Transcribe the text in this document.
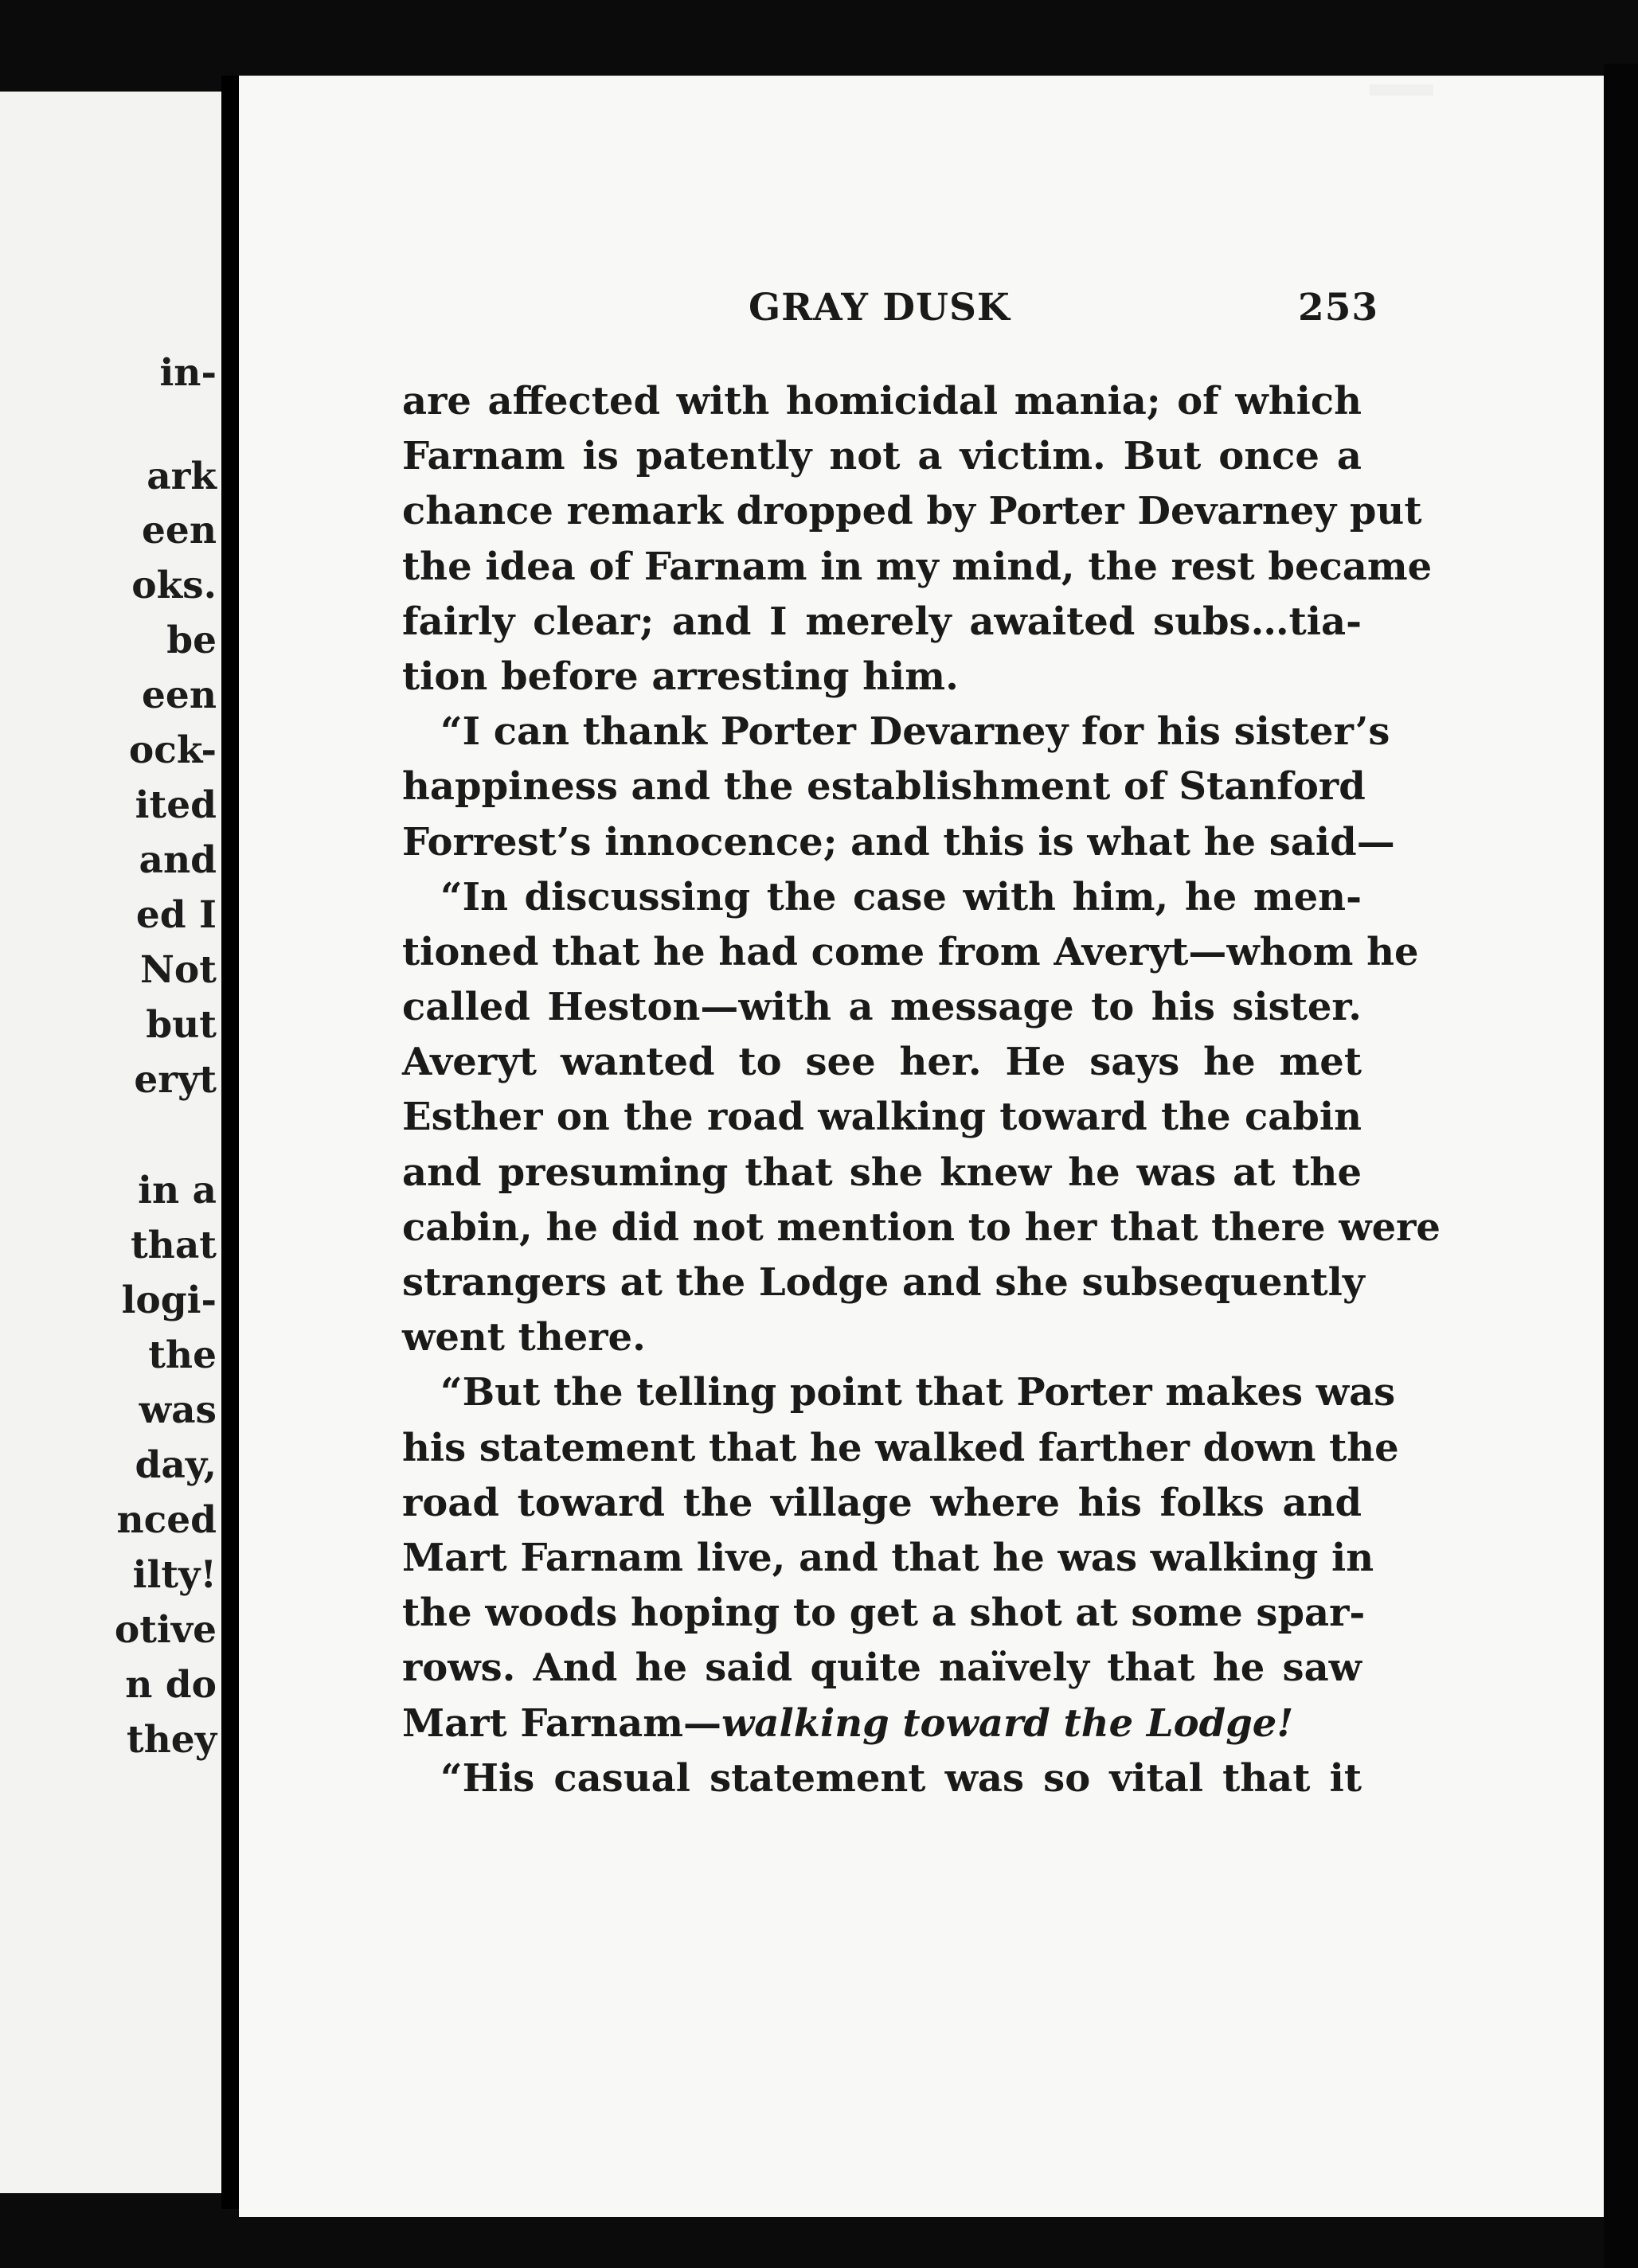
in-
ark
een
oks.
be
een
ock-
ited
and
ed I
Not
but
eryt
in a
that
logi-
the
was
day,
nced
ilty!
otive
n do
they
GRAY DUSK	253
are affected with homicidal mania; of which
Farnam is patently not a victim. But once a
chance remark dropped by Porter Devarney put
the idea of Farnam in my mind, the rest became
fairly clear; and I merely awaited subs…tia-
tion before arresting him.
“I can thank Porter Devarney for his sister’s
happiness and the establishment of Stanford
Forrest’s innocence; and this is what he said—
“In discussing the case with him, he men-
tioned that he had come from Averyt—whom he
called Heston—with a message to his sister.
Averyt wanted to see her. He says he met
Esther on the road walking toward the cabin
and presuming that she knew he was at the
cabin, he did not mention to her that there were
strangers at the Lodge and she subsequently
went there.
“But the telling point that Porter makes was
his statement that he walked farther down the
road toward the village where his folks and
Mart Farnam live, and that he was walking in
the woods hoping to get a shot at some spar-
rows. And he said quite naïvely that he saw
Mart Farnam—walking toward the Lodge!
“His casual statement was so vital that it
